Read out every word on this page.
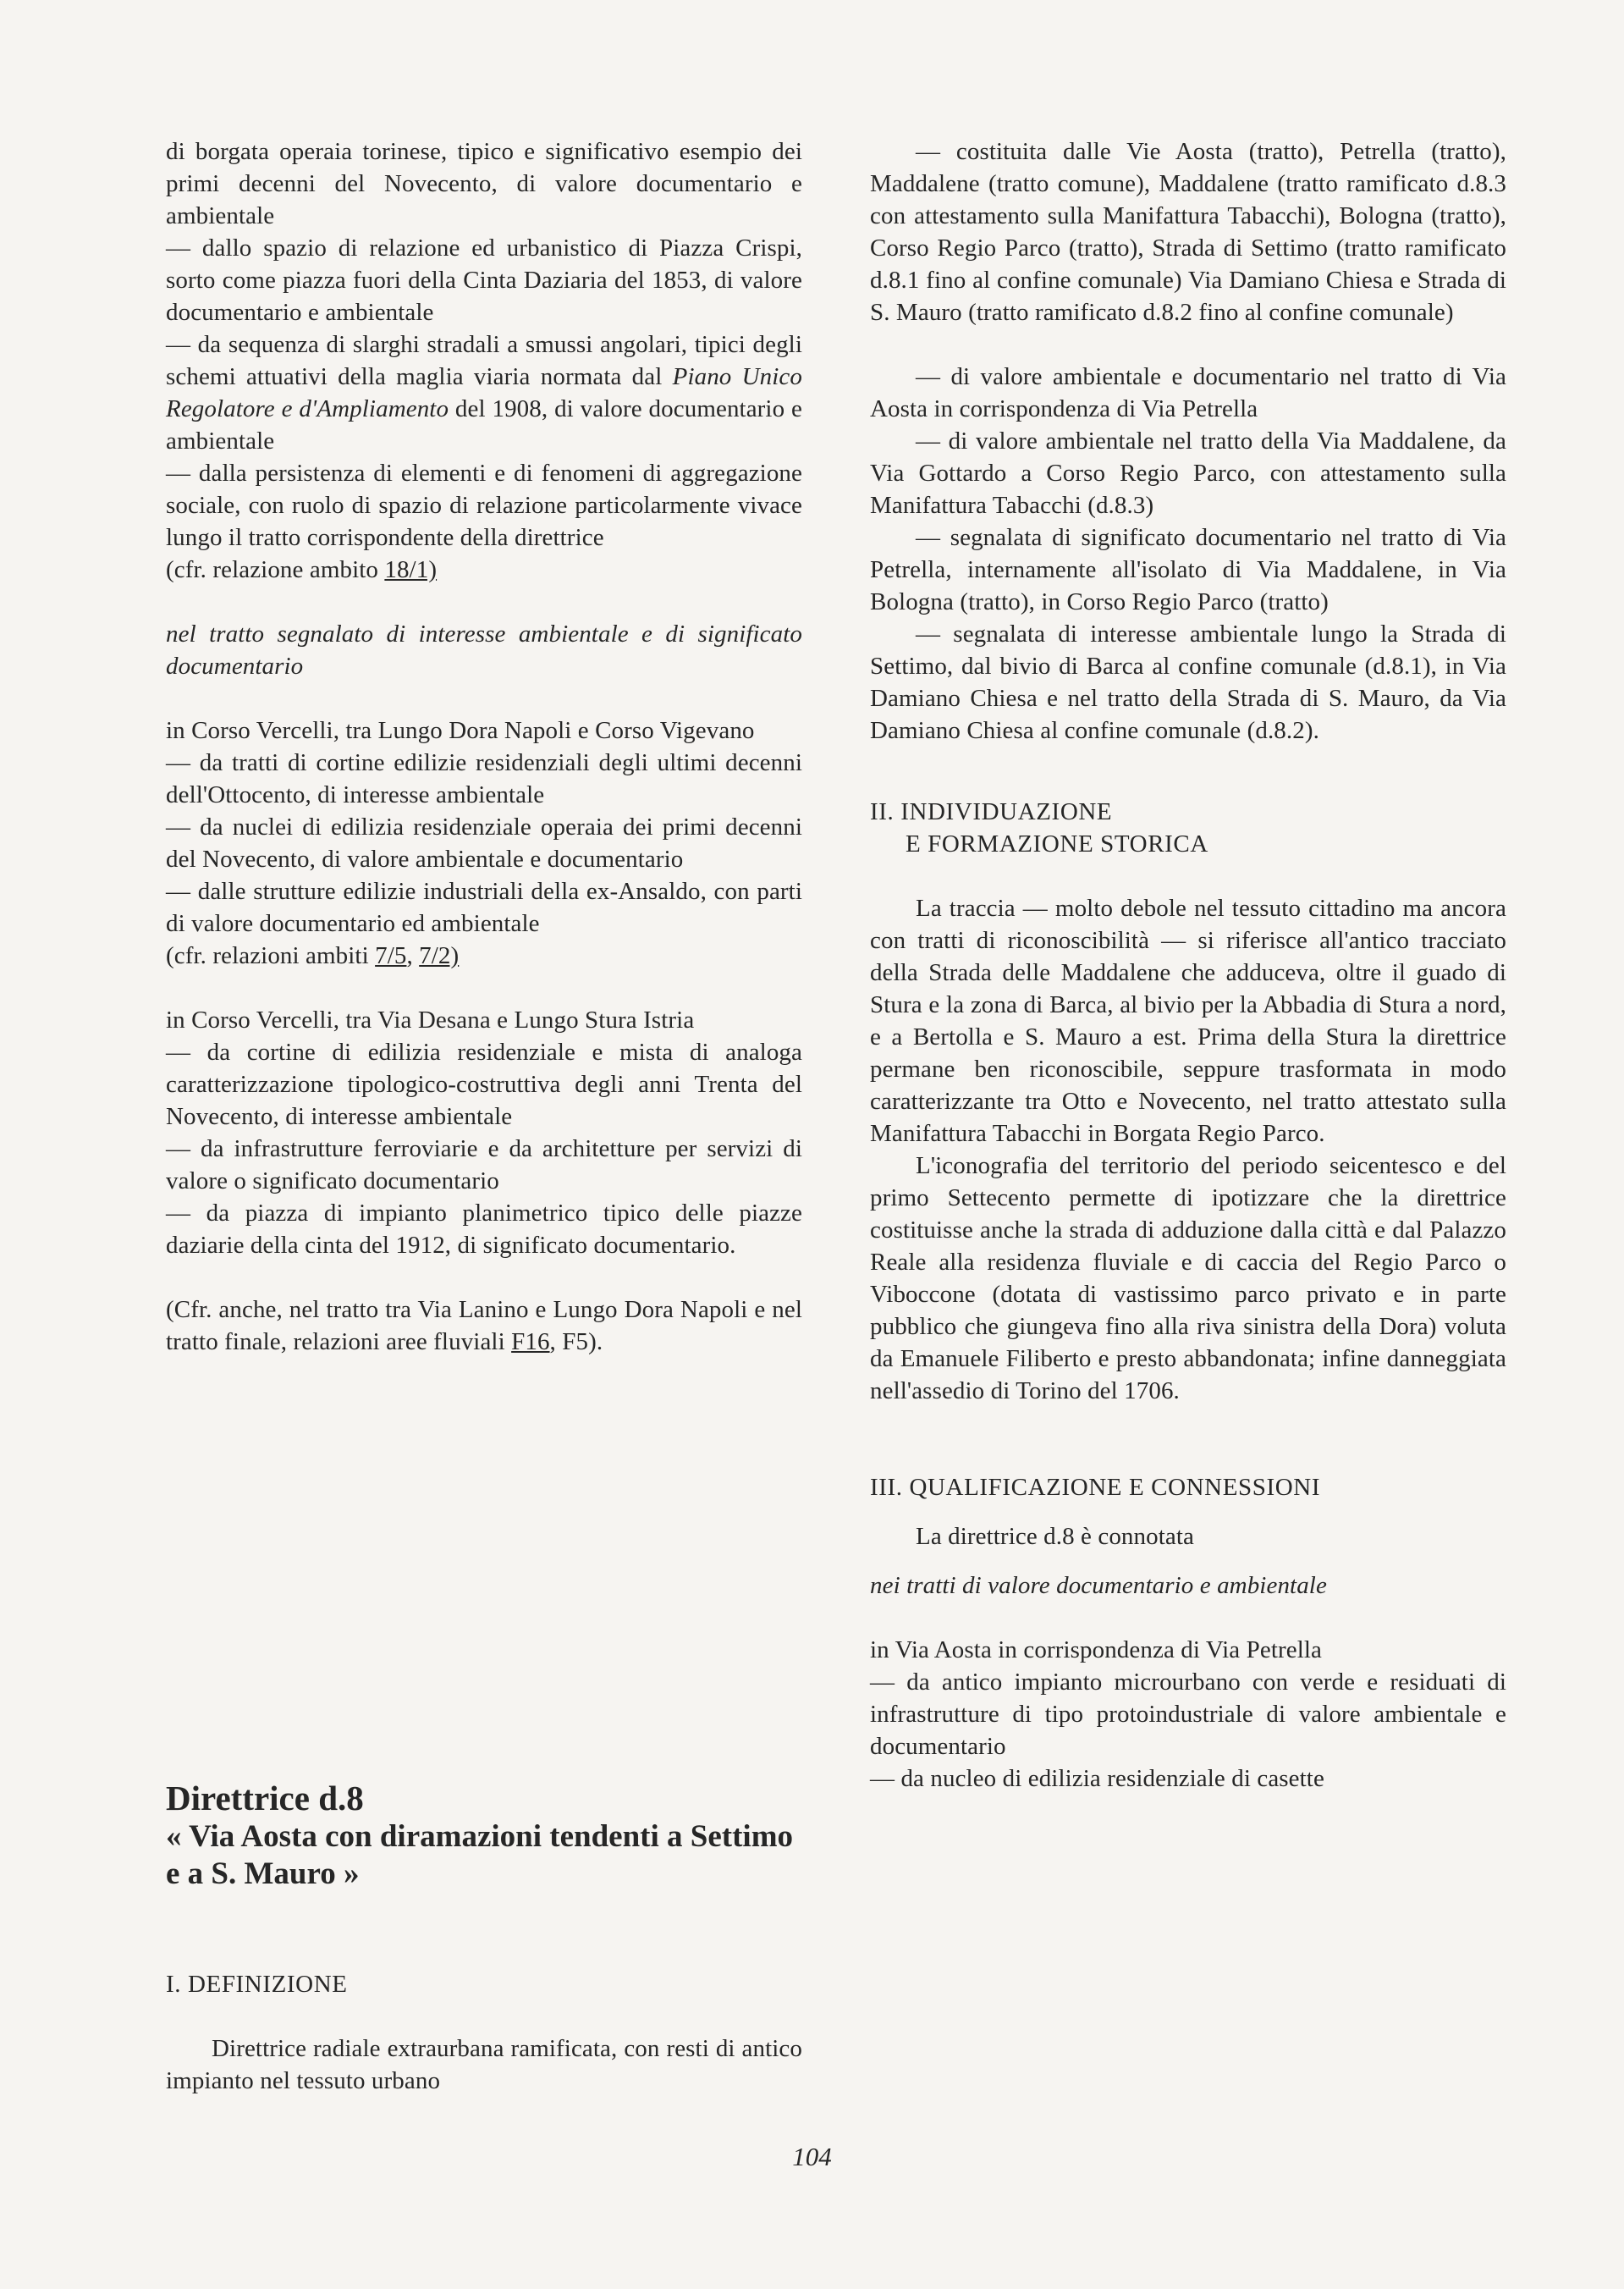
di borgata operaia torinese, tipico e significativo esempio dei primi decenni del Novecento, di valore documentario e ambientale

— dallo spazio di relazione ed urbanistico di Piazza Crispi, sorto come piazza fuori della Cinta Daziaria del 1853, di valore documentario e ambientale

— da sequenza di slarghi stradali a smussi angolari, tipici degli schemi attuativi della maglia viaria normata dal Piano Unico Regolatore e d'Ampliamento del 1908, di valore documentario e ambientale

— dalla persistenza di elementi e di fenomeni di aggregazione sociale, con ruolo di spazio di relazione particolarmente vivace lungo il tratto corrispondente della direttrice

(cfr. relazione ambito 18/1)

nel tratto segnalato di interesse ambientale e di significato documentario

in Corso Vercelli, tra Lungo Dora Napoli e Corso Vigevano

— da tratti di cortine edilizie residenziali degli ultimi decenni dell'Ottocento, di interesse ambientale

— da nuclei di edilizia residenziale operaia dei primi decenni del Novecento, di valore ambientale e documentario

— dalle strutture edilizie industriali della ex-Ansaldo, con parti di valore documentario ed ambientale

(cfr. relazioni ambiti 7/5, 7/2)

in Corso Vercelli, tra Via Desana e Lungo Stura Istria

— da cortine di edilizia residenziale e mista di analoga caratterizzazione tipologico-costruttiva degli anni Trenta del Novecento, di interesse ambientale

— da infrastrutture ferroviarie e da architetture per servizi di valore o significato documentario

— da piazza di impianto planimetrico tipico delle piazze daziarie della cinta del 1912, di significato documentario.

(Cfr. anche, nel tratto tra Via Lanino e Lungo Dora Napoli e nel tratto finale, relazioni aree fluviali F16, F5).

Direttrice d.8

« Via Aosta con diramazioni tendenti a Settimo e a S. Mauro »

I. DEFINIZIONE

Direttrice radiale extraurbana ramificata, con resti di antico impianto nel tessuto urbano

— costituita dalle Vie Aosta (tratto), Petrella (tratto), Maddalene (tratto comune), Maddalene (tratto ramificato d.8.3 con attestamento sulla Manifattura Tabacchi), Bologna (tratto), Corso Regio Parco (tratto), Strada di Settimo (tratto ramificato d.8.1 fino al confine comunale) Via Damiano Chiesa e Strada di S. Mauro (tratto ramificato d.8.2 fino al confine comunale)

— di valore ambientale e documentario nel tratto di Via Aosta in corrispondenza di Via Petrella

— di valore ambientale nel tratto della Via Maddalene, da Via Gottardo a Corso Regio Parco, con attestamento sulla Manifattura Tabacchi (d.8.3)

— segnalata di significato documentario nel tratto di Via Petrella, internamente all'isolato di Via Maddalene, in Via Bologna (tratto), in Corso Regio Parco (tratto)

— segnalata di interesse ambientale lungo la Strada di Settimo, dal bivio di Barca al confine comunale (d.8.1), in Via Damiano Chiesa e nel tratto della Strada di S. Mauro, da Via Damiano Chiesa al confine comunale (d.8.2).

II. INDIVIDUAZIONE

E FORMAZIONE STORICA

La traccia — molto debole nel tessuto cittadino ma ancora con tratti di riconoscibilità — si riferisce all'antico tracciato della Strada delle Maddalene che adduceva, oltre il guado di Stura e la zona di Barca, al bivio per la Abbadia di Stura a nord, e a Bertolla e S. Mauro a est. Prima della Stura la direttrice permane ben riconoscibile, seppure trasformata in modo caratterizzante tra Otto e Novecento, nel tratto attestato sulla Manifattura Tabacchi in Borgata Regio Parco.

L'iconografia del territorio del periodo seicentesco e del primo Settecento permette di ipotizzare che la direttrice costituisse anche la strada di adduzione dalla città e dal Palazzo Reale alla residenza fluviale e di caccia del Regio Parco o Viboccone (dotata di vastissimo parco privato e in parte pubblico che giungeva fino alla riva sinistra della Dora) voluta da Emanuele Filiberto e presto abbandonata; infine danneggiata nell'assedio di Torino del 1706.

III. QUALIFICAZIONE E CONNESSIONI

La direttrice d.8 è connotata

nei tratti di valore documentario e ambientale

in Via Aosta in corrispondenza di Via Petrella

— da antico impianto microurbano con verde e residuati di infrastrutture di tipo protoindustriale di valore ambientale e documentario

— da nucleo di edilizia residenziale di casette

104
